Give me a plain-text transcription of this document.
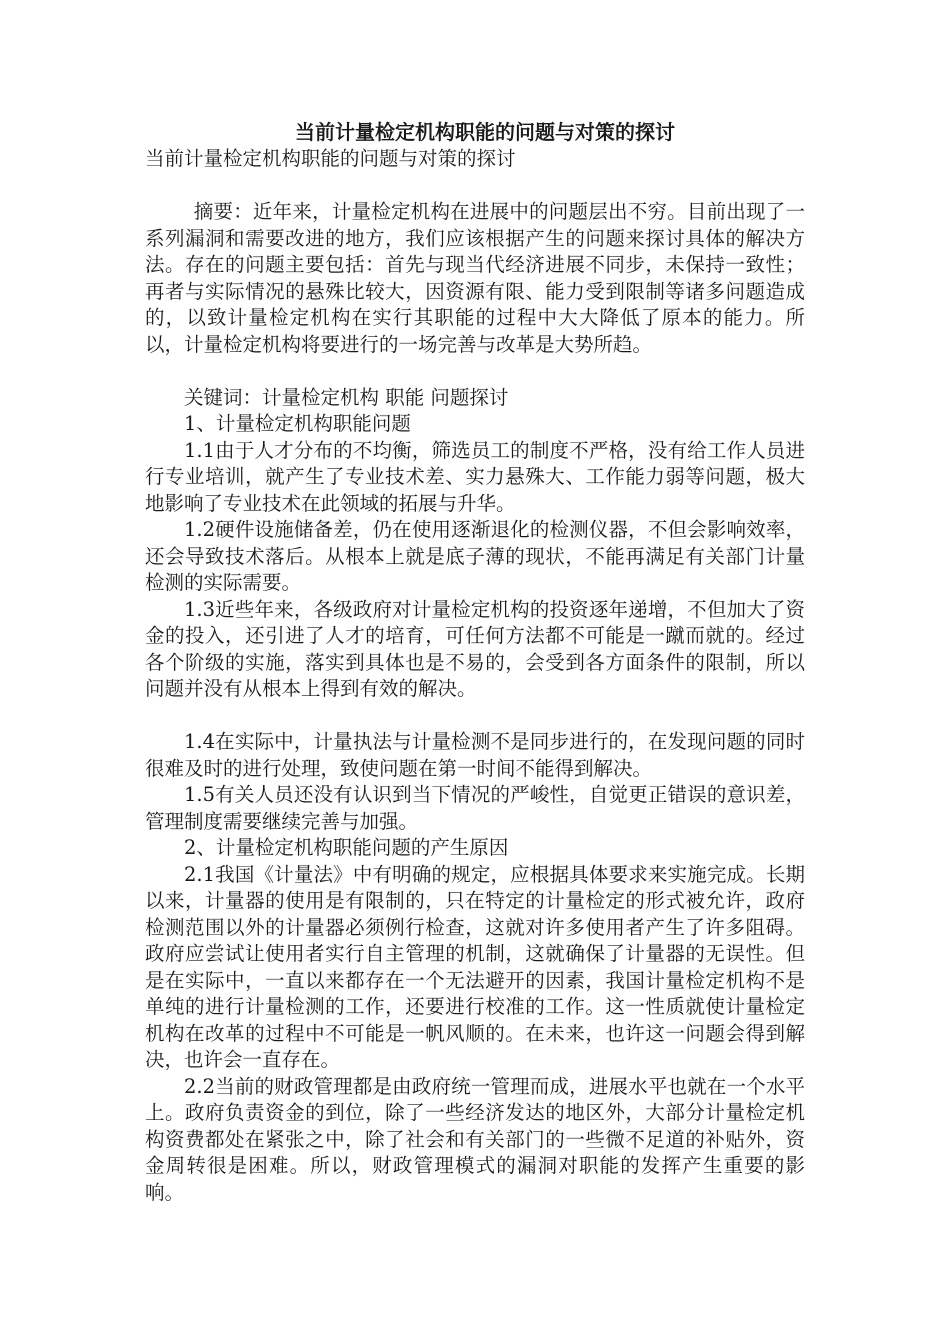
当前计量检定机构职能的问题与对策的探讨

当前计量检定机构职能的问题与对策的探讨

摘要：近年来，计量检定机构在进展中的问题层出不穷。目前出现了一系列漏洞和需要改进的地方，我们应该根据产生的问题来探讨具体的解决方法。存在的问题主要包括：首先与现当代经济进展不同步，未保持一致性；再者与实际情况的悬殊比较大，因资源有限、能力受到限制等诸多问题造成的，以致计量检定机构在实行其职能的过程中大大降低了原本的能力。所以，计量检定机构将要进行的一场完善与改革是大势所趋。

关键词：计量检定机构 职能 问题探讨

1、计量检定机构职能问题

1.1由于人才分布的不均衡，筛选员工的制度不严格，没有给工作人员进行专业培训，就产生了专业技术差、实力悬殊大、工作能力弱等问题，极大地影响了专业技术在此领域的拓展与升华。

1.2硬件设施储备差，仍在使用逐渐退化的检测仪器，不但会影响效率，还会导致技术落后。从根本上就是底子薄的现状，不能再满足有关部门计量检测的实际需要。

1.3近些年来，各级政府对计量检定机构的投资逐年递增，不但加大了资金的投入，还引进了人才的培育，可任何方法都不可能是一蹴而就的。经过各个阶级的实施，落实到具体也是不易的，会受到各方面条件的限制，所以问题并没有从根本上得到有效的解决。

1.4在实际中，计量执法与计量检测不是同步进行的，在发现问题的同时很难及时的进行处理，致使问题在第一时间不能得到解决。

1.5有关人员还没有认识到当下情况的严峻性，自觉更正错误的意识差，管理制度需要继续完善与加强。

2、计量检定机构职能问题的产生原因

2.1我国《计量法》中有明确的规定，应根据具体要求来实施完成。长期以来，计量器的使用是有限制的，只在特定的计量检定的形式被允许，政府检测范围以外的计量器必须例行检查，这就对许多使用者产生了许多阻碍。政府应尝试让使用者实行自主管理的机制，这就确保了计量器的无误性。但是在实际中，一直以来都存在一个无法避开的因素，我国计量检定机构不是单纯的进行计量检测的工作，还要进行校准的工作。这一性质就使计量检定机构在改革的过程中不可能是一帆风顺的。在未来，也许这一问题会得到解决，也许会一直存在。

2.2当前的财政管理都是由政府统一管理而成，进展水平也就在一个水平上。政府负责资金的到位，除了一些经济发达的地区外，大部分计量检定机构资费都处在紧张之中，除了社会和有关部门的一些微不足道的补贴外，资金周转很是困难。所以，财政管理模式的漏洞对职能的发挥产生重要的影响。
